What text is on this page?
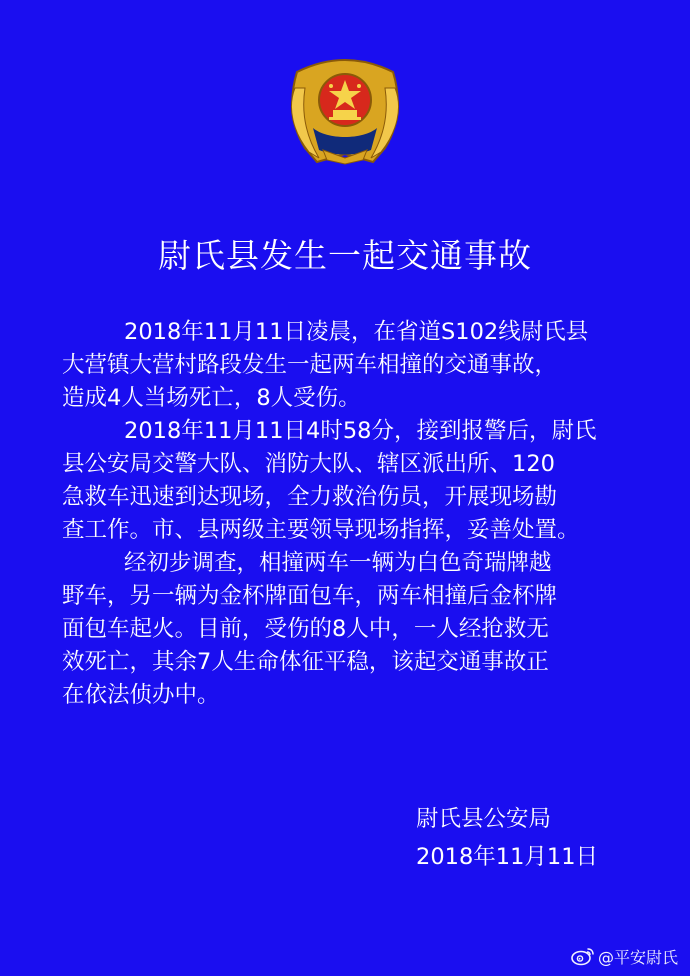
尉氏县发生一起交通事故

2018年11月11日凌晨，在省道S102线尉氏县
大营镇大营村路段发生一起两车相撞的交通事故，
造成4人当场死亡，8人受伤。

2018年11月11日4时58分，接到报警后，尉氏
县公安局交警大队、消防大队、辖区派出所、120
急救车迅速到达现场，全力救治伤员，开展现场勘
查工作。市、县两级主要领导现场指挥，妥善处置。

经初步调查，相撞两车一辆为白色奇瑞牌越
野车，另一辆为金杯牌面包车，两车相撞后金杯牌
面包车起火。目前，受伤的8人中，一人经抢救无
效死亡，其余7人生命体征平稳，该起交通事故正
在依法侦办中。

尉氏县公安局
2018年11月11日
@平安尉氏
